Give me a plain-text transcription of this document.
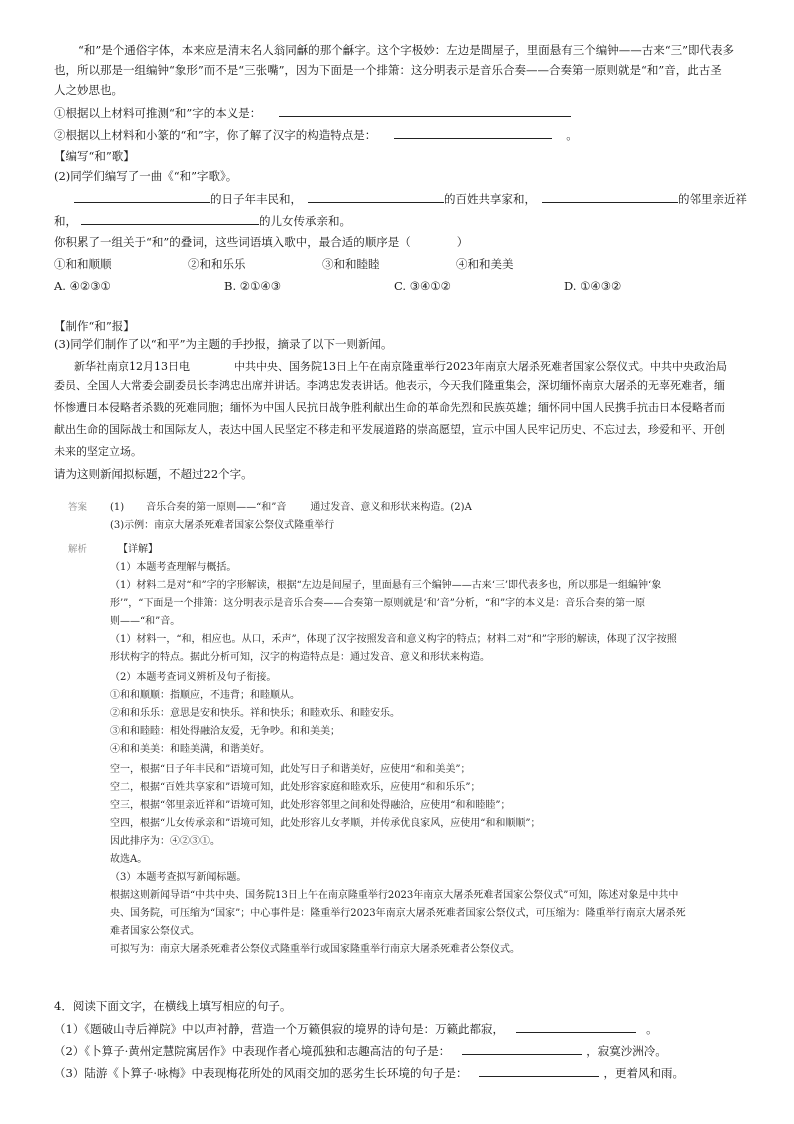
“和”是个通俗字体，本来应是清末名人翁同龢的那个龢字。这个字极妙：左边是間屋子，里面悬有三个编钟——古来“三”即代表多
也，所以那是一组编钟“象形”而不是“三张嘴”，因为下面是一个排箫：这分明表示是音乐合奏——合奏第一原则就是“和”音，此古圣
人之妙思也。
①根据以上材料可推测“和”字的本义是：
②根据以上材料和小篆的“和”字，你了解了汉字的构造特点是：	。
【编写“和”歌】
(2)同学们编写了一曲《“和”字歌》。
的日子年丰民和，	的百姓共享家和，	的邻里亲近祥
和，	的儿女传承亲和。
你积累了一组关于“和”的叠词，这些词语填入歌中，最合适的顺序是（　　　　）
①和和顺顺	②和和乐乐	③和和睦睦	④和和美美
A. ④②③①	B. ②①④③	C. ③④①②	D. ①④③②
【制作“和”报】
(3)同学们制作了以“和平”为主题的手抄报，摘录了以下一则新闻。
新华社南京12月13日电　　　　中共中央、国务院13日上午在南京隆重举行2023年南京大屠杀死难者国家公祭仪式。中共中央政治局
委员、全国人大常委会副委员长李鸿忠出席并讲话。李鸿忠发表讲话。他表示，今天我们隆重集会，深切缅怀南京大屠杀的无辜死难者，缅
怀惨遭日本侵略者杀戮的死难同胞；缅怀为中国人民抗日战争胜利献出生命的革命先烈和民族英雄；缅怀同中国人民携手抗击日本侵略者而
献出生命的国际战士和国际友人，表达中国人民坚定不移走和平发展道路的崇高愿望，宣示中国人民牢记历史、不忘过去，珍爱和平、开创
未来的坚定立场。
请为这则新闻拟标题，不超过22个字。
答案 (1) 音乐合奏的第一原则——“和”音 通过发音、意义和形状来构造。(2)A
(3)示例：南京大屠杀死难者国家公祭仪式隆重举行
解析	【详解】
（1）本题考查理解与概括。
（1）材料二是对“和”字的字形解读，根据“左边是间屋子，里面悬有三个编钟——古来‘三’即代表多也，所以那是一组编钟‘象
形’”，“下面是一个排箫：这分明表示是音乐合奏——合奏第一原则就是‘和’音”分析，“和”字的本义是：音乐合奏的第一原
则——“和”音。
（1）材料一，“和，相应也。从口，禾声”，体现了汉字按照发音和意义构字的特点；材料二对“和”字形的解读，体现了汉字按照
形状构字的特点。据此分析可知，汉字的构造特点是：通过发音、意义和形状来构造。
（2）本题考查词义辨析及句子衔接。
①和和顺顺：指顺应，不违背；和睦顺从。
②和和乐乐：意思是安和快乐。祥和快乐；和睦欢乐、和睦安乐。
③和和睦睦：相处得融洽友爱，无争吵。和和美美；
④和和美美：和睦美满，和谐美好。
空一，根据“日子年丰民和”语境可知，此处写日子和谐美好，应使用“和和美美”；
空二，根据“百姓共享家和”语境可知，此处形容家庭和睦欢乐，应使用“和和乐乐”；
空三，根据“邻里亲近祥和”语境可知，此处形容邻里之间和处得融洽，应使用“和和睦睦”；
空四，根据“儿女传承亲和”语境可知，此处形容儿女孝顺，并传承优良家风，应使用“和和顺顺”；
因此排序为：④②③①。
故选A。
（3）本题考查拟写新闻标题。
根据这则新闻导语“中共中央、国务院13日上午在南京隆重举行2023年南京大屠杀死难者国家公祭仪式”可知，陈述对象是中共中
央、国务院，可压缩为“国家”；中心事件是：隆重举行2023年南京大屠杀死难者国家公祭仪式，可压缩为：隆重举行南京大屠杀死
难者国家公祭仪式。
可拟写为：南京大屠杀死难者公祭仪式隆重举行或国家隆重举行南京大屠杀死难者公祭仪式。
4．阅读下面文字，在横线上填写相应的句子。
（1）《题破山寺后禅院》中以声衬静，营造一个万籁俱寂的境界的诗句是：万籁此都寂，	。
（2）《卜算子·黄州定慧院寓居作》中表现作者心境孤独和志趣高洁的句子是：	，寂寞沙洲冷。
（3）陆游《卜算子·咏梅》中表现梅花所处的风雨交加的恶劣生长环境的句子是：	，更着风和雨。
